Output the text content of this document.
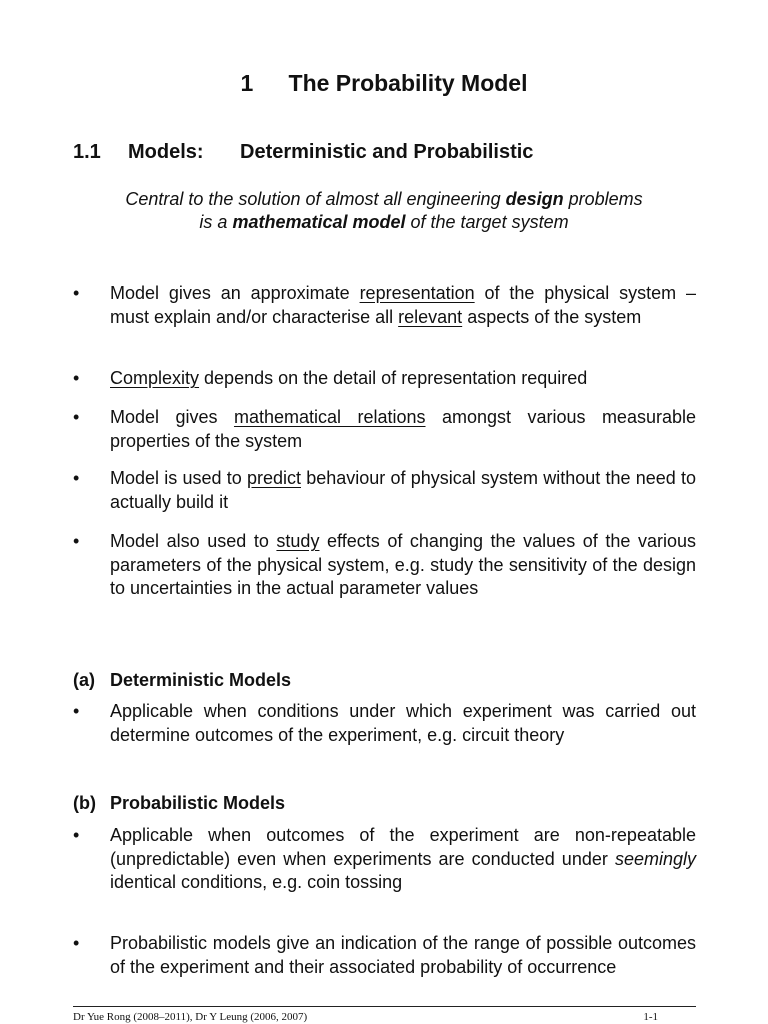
1 The Probability Model
1.1 Models: Deterministic and Probabilistic
Central to the solution of almost all engineering design problems
is a mathematical model of the target system
•	Model gives an approximate representation of the physical system – must explain and/or characterise all relevant aspects of the system
•	Complexity depends on the detail of representation required
•	Model gives mathematical relations amongst various measurable properties of the system
•	Model is used to predict behaviour of physical system without the need to actually build it
•	Model also used to study effects of changing the values of the various parameters of the physical system, e.g. study the sensitivity of the design to uncertainties in the actual parameter values
(a) Deterministic Models
•	Applicable when conditions under which experiment was carried out determine outcomes of the experiment, e.g. circuit theory
(b) Probabilistic Models
•	Applicable when outcomes of the experiment are non-repeatable (unpredictable) even when experiments are conducted under seemingly identical conditions, e.g. coin tossing
•	Probabilistic models give an indication of the range of possible outcomes of the experiment and their associated probability of occurrence
Dr Yue Rong (2008–2011), Dr Y Leung (2006, 2007)	1-1
